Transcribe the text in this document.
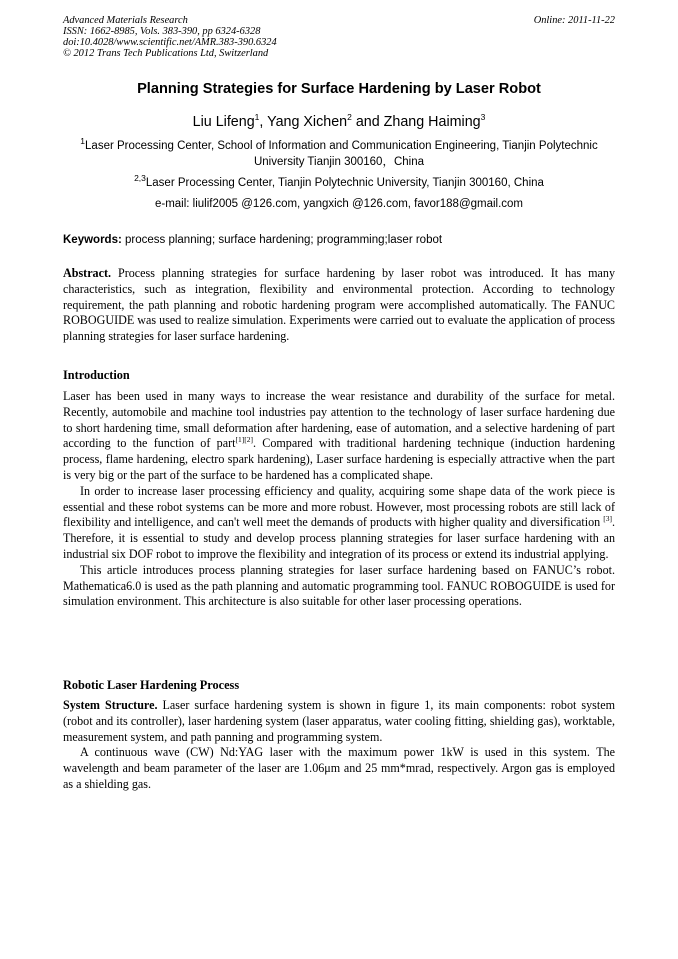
Advanced Materials Research
ISSN: 1662-8985, Vols. 383-390, pp 6324-6328
doi:10.4028/www.scientific.net/AMR.383-390.6324
© 2012 Trans Tech Publications Ltd, Switzerland
Online: 2011-11-22
Planning Strategies for Surface Hardening by Laser Robot
Liu Lifeng$^1$, Yang Xichen$^2$ and Zhang Haiming$^3$
$^1$Laser Processing Center, School of Information and Communication Engineering, Tianjin Polytechnic University Tianjin 300160，China
$^{2,3}$Laser Processing Center, Tianjin Polytechnic University, Tianjin 300160, China
e-mail: liulif2005 @126.com, yangxich @126.com, favor188@gmail.com
Keywords: process planning; surface hardening; programming;laser robot

Abstract. Process planning strategies for surface hardening by laser robot was introduced. It has many characteristics, such as integration, flexibility and environmental protection. According to technology requirement, the path planning and robotic hardening program were accomplished automatically. The FANUC ROBOGUIDE was used to realize simulation. Experiments were carried out to evaluate the application of process planning strategies for laser surface hardening.

Introduction

Laser has been used in many ways to increase the wear resistance and durability of the surface for metal. Recently, automobile and machine tool industries pay attention to the technology of laser surface hardening due to short hardening time, small deformation after hardening, ease of automation, and a selective hardening of part according to the function of part[1][2]. Compared with traditional hardening technique (induction hardening process, flame hardening, electro spark hardening), Laser surface hardening is especially attractive when the part is very big or the part of the surface to be hardened has a complicated shape.

In order to increase laser processing efficiency and quality, acquiring some shape data of the work piece is essential and these robot systems can be more and more robust. However, most processing robots are still lack of flexibility and intelligence, and can't well meet the demands of products with higher quality and diversification [3]. Therefore, it is essential to study and develop process planning strategies for laser surface hardening with an industrial six DOF robot to improve the flexibility and integration of its process or extend its industrial applying.

This article introduces process planning strategies for laser surface hardening based on FANUC’s robot. Mathematica6.0 is used as the path planning and automatic programming tool. FANUC ROBOGUIDE is used for simulation environment. This architecture is also suitable for other laser processing operations.

Robotic Laser Hardening Process

System Structure. Laser surface hardening system is shown in figure 1, its main components: robot system (robot and its controller), laser hardening system (laser apparatus, water cooling fitting, shielding gas), worktable, measurement system, and path panning and programming system.

A continuous wave (CW) Nd:YAG laser with the maximum power 1kW is used in this system. The wavelength and beam parameter of the laser are 1.06μm and 25 mm*mrad, respectively. Argon gas is employed as a shielding gas.
